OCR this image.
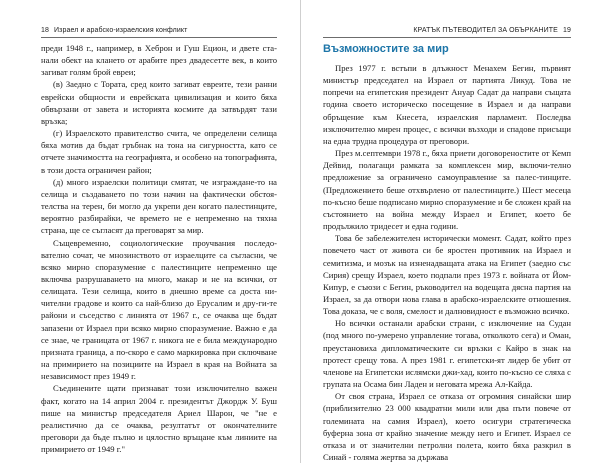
18 Израел и арабско-израелския конфликт

преди 1948 г., например, в Хеброн и Гуш Ецион, и двете ста-нали обект на клането от арабите през двадесетте век, в които загиват голям брой евреи;

(в) Заедно с Тората, сред които загиват евреите, тези ранни еврейски общности и еврейската цивилизация и които бяха обвързани от завета и историята космите да затвърдят тази връзка;

(г) Израелското правителство счита, че определени селища бяха мотив да бъдат гръбнак на тона на сигурността, като се отчете значимостта на географията, и особено на топографията, в този доста ограничен район;

(д) много израелски политици смятат, че изграждане-то на селища и създаването по този начин на фактически обстоя-телства на терен, би могло да укрепи ден когато палестинците, вероятно разбирайки, че времето не е непременно на тяхна страна, ще се съгласят да преговарят за мир.

Същевременно, социологические проучвания последо-вателно сочат, че мнозинството от израелците са съгласни, че всяко мирно споразумение с палестинците непременно ще включва разрушаването на много, макар и не на всички, от селищата. Тези селища, които в днешно време са доста ни-чителни градове и които са най-близо до Ерусалим и дру-ги-те райони и съседство с линията от 1967 г., се очаква ще бъдат запазени от Израел при всяко мирно споразумение. Важно е да се знае, че границата от 1967 г. никога не е била международно призната граница, а по-скоро е само маркировка при сключване на примирието на позициите на Израел в края на Войната за независимост през 1949 г.

Съединените щати признават този изключително важен факт, когато на 14 април 2004 г. президентът Джордж У. Буш пише на министър председателя Ариел Шарон, че "не е реалистично да се очаква, резултатът от окончателните преговори да бъде пълно и цялостно връщане към линиите на примирието от 1949 г."

КРАТЪК ПЪТЕВОДИТЕЛ ЗА ОБЪРКАНИТЕ 19
Възможностите за мир

През 1977 г. встъпи в длъжност Менахем Бегин, първият министър председател на Израел от партията Ликуд. Това не попречи на египетския президент Ануар Садат да направи същата година своето историческо посещение в Израел и да направи обръщение към Кнесета, израелския парламент. Последва изключително мирен процес, с всички възходи и спадове присъщи на една трудна процедура от преговори.

През м.септември 1978 г., бяха приети договореностите от Кемп Дейвид, полагащи рамката за комплексен мир, включи-телно предложение за ограничено самоуправление за палес-тинците. (Предложението беше отхвърлено от палестинците.) Шест месеца по-късно беше подписано мирно споразумение и бе сложен край на състоянието на война между Израел и Египет, което бе продължило тридесет и една години.

Това бе забележителен исторически момент. Садат, който през повечето част от живота си бе яростен противник на Израел и семитизма, и мозък на изненадващата атака на Египет (заедно със Сирия) срещу Израел, което подпали през 1973 г. войната от Йом-Кипур, е съюзи с Бегин, ръководител на водещата дясна партия на Израел, за да отвори нова глава в арабско-израелските отношения. Това доказа, че с воля, смелост и далновидност е възможно всичко.

Но всички останали арабски страни, с изключение на Судан (под много по-умерено управление тогава, отколкото сега) и Оман, преустановиха дипломатическите си връзки с Кайро в знак на протест срещу това. А през 1981 г. египетски-ят лидер бе убит от членове на Египетски ислямски джи-хад, които по-късно се сляха с групата на Осама бин Ладен и неговата мрежа Ал-Кайда.

От своя страна, Израел се отказа от огромния синайски шир (приблизително 23 000 квадратни мили или два пъти повече от големината на самия Израел), което осигури стратегическа буферна зона от крайно значение между него и Египет. Израел се отказа и от значителни петролни полета, които бяха разкрил в Синай - голяма жертва за държава
